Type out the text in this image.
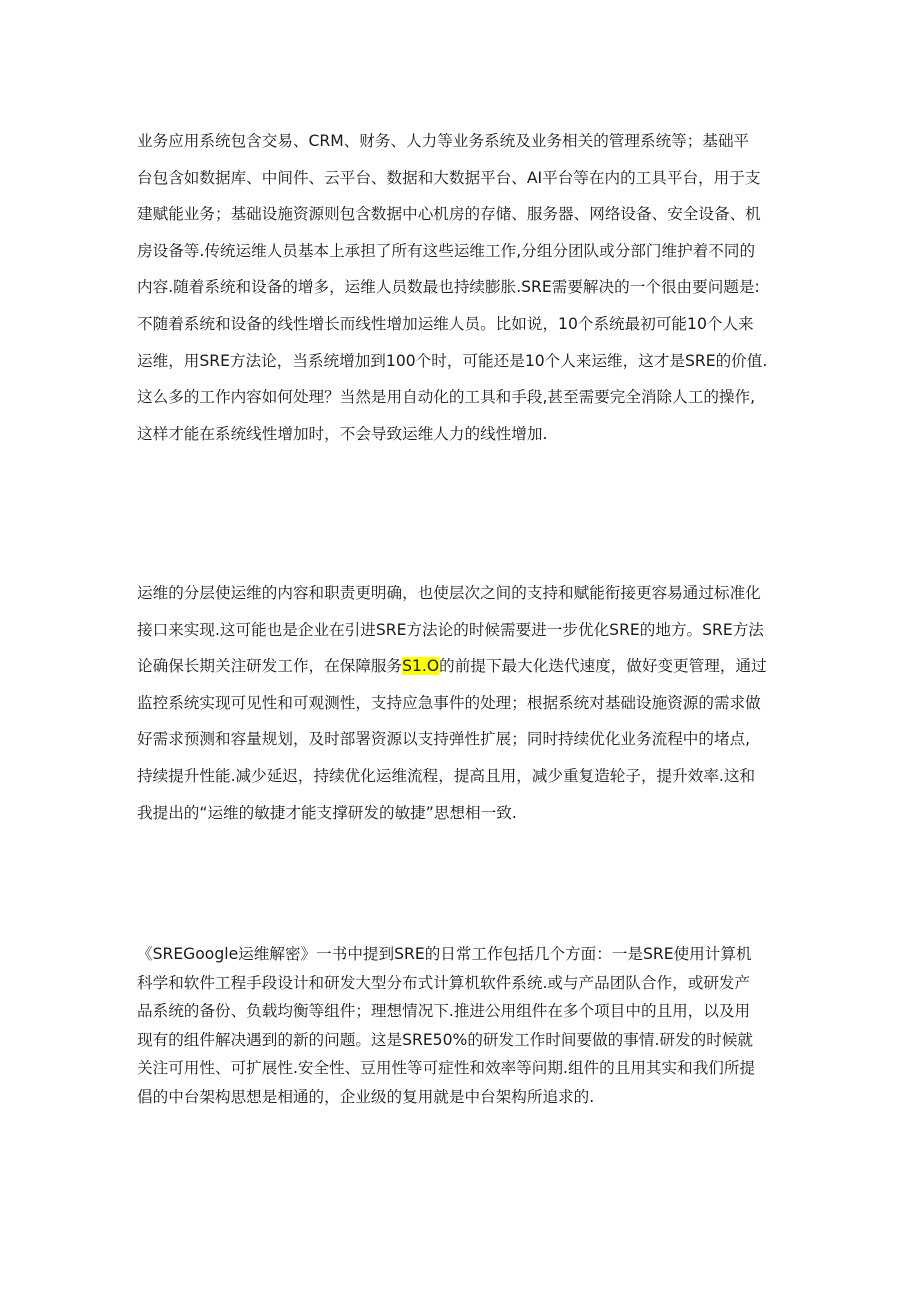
业务应用系统包含交易、CRM、财务、人力等业务系统及业务相关的管理系统等；基础平
台包含如数据库、中间件、云平台、数据和大数据平台、AI平台等在内的工具平台，用于支
建赋能业务；基础设施资源则包含数据中心机房的存储、服务器、网络设备、安全设备、机
房设备等.传统运维人员基本上承担了所有这些运维工作,分组分团队或分部门维护着不同的
内容.随着系统和设备的增多，运维人员数最也持续膨胀.SRE需要解决的一个很由要问题是:
不随着系统和设备的线性增长而线性增加运维人员。比如说，10个系统最初可能10个人来
运维，用SRE方法论，当系统增加到100个时，可能还是10个人来运维，这才是SRE的价值.
这么多的工作内容如何处理？当然是用自动化的工具和手段,甚至需要完全消除人工的操作,
这样才能在系统线性增加时，不会导致运维人力的线性增加.
运维的分层使运维的内容和职责更明确，也使层次之间的支持和赋能衔接更容易通过标准化
接口来实现.这可能也是企业在引进SRE方法论的时候需要进一步优化SRE的地方。SRE方法
论确保长期关注研发工作，在保障服务S1.O的前提下最大化迭代速度，做好变更管理，通过
监控系统实现可见性和可观测性，支持应急事件的处理；根据系统对基础设施资源的需求做
好需求预测和容量规划，及时部署资源以支持弹性扩展；同时持续优化业务流程中的堵点,
持续提升性能.减少延迟，持续优化运维流程，提高且用，减少重复造轮子，提升效率.这和
我提出的“运维的敏捷才能支撑研发的敏捷”思想相一致.
《SREGoogle运维解密》一书中提到SRE的日常工作包括几个方面：一是SRE使用计算机
科学和软件工程手段设计和研发大型分布式计算机软件系统.或与产品团队合作，或研发产
品系统的备份、负载均衡等组件；理想情况下.推进公用组件在多个项目中的且用，以及用
现有的组件解决遇到的新的问题。这是SRE50%的研发工作时间要做的事情.研发的时候就
关注可用性、可扩展性.安全性、豆用性等可症性和效率等问期.组件的且用其实和我们所提
倡的中台架构思想是相通的，企业级的复用就是中台架构所追求的.
